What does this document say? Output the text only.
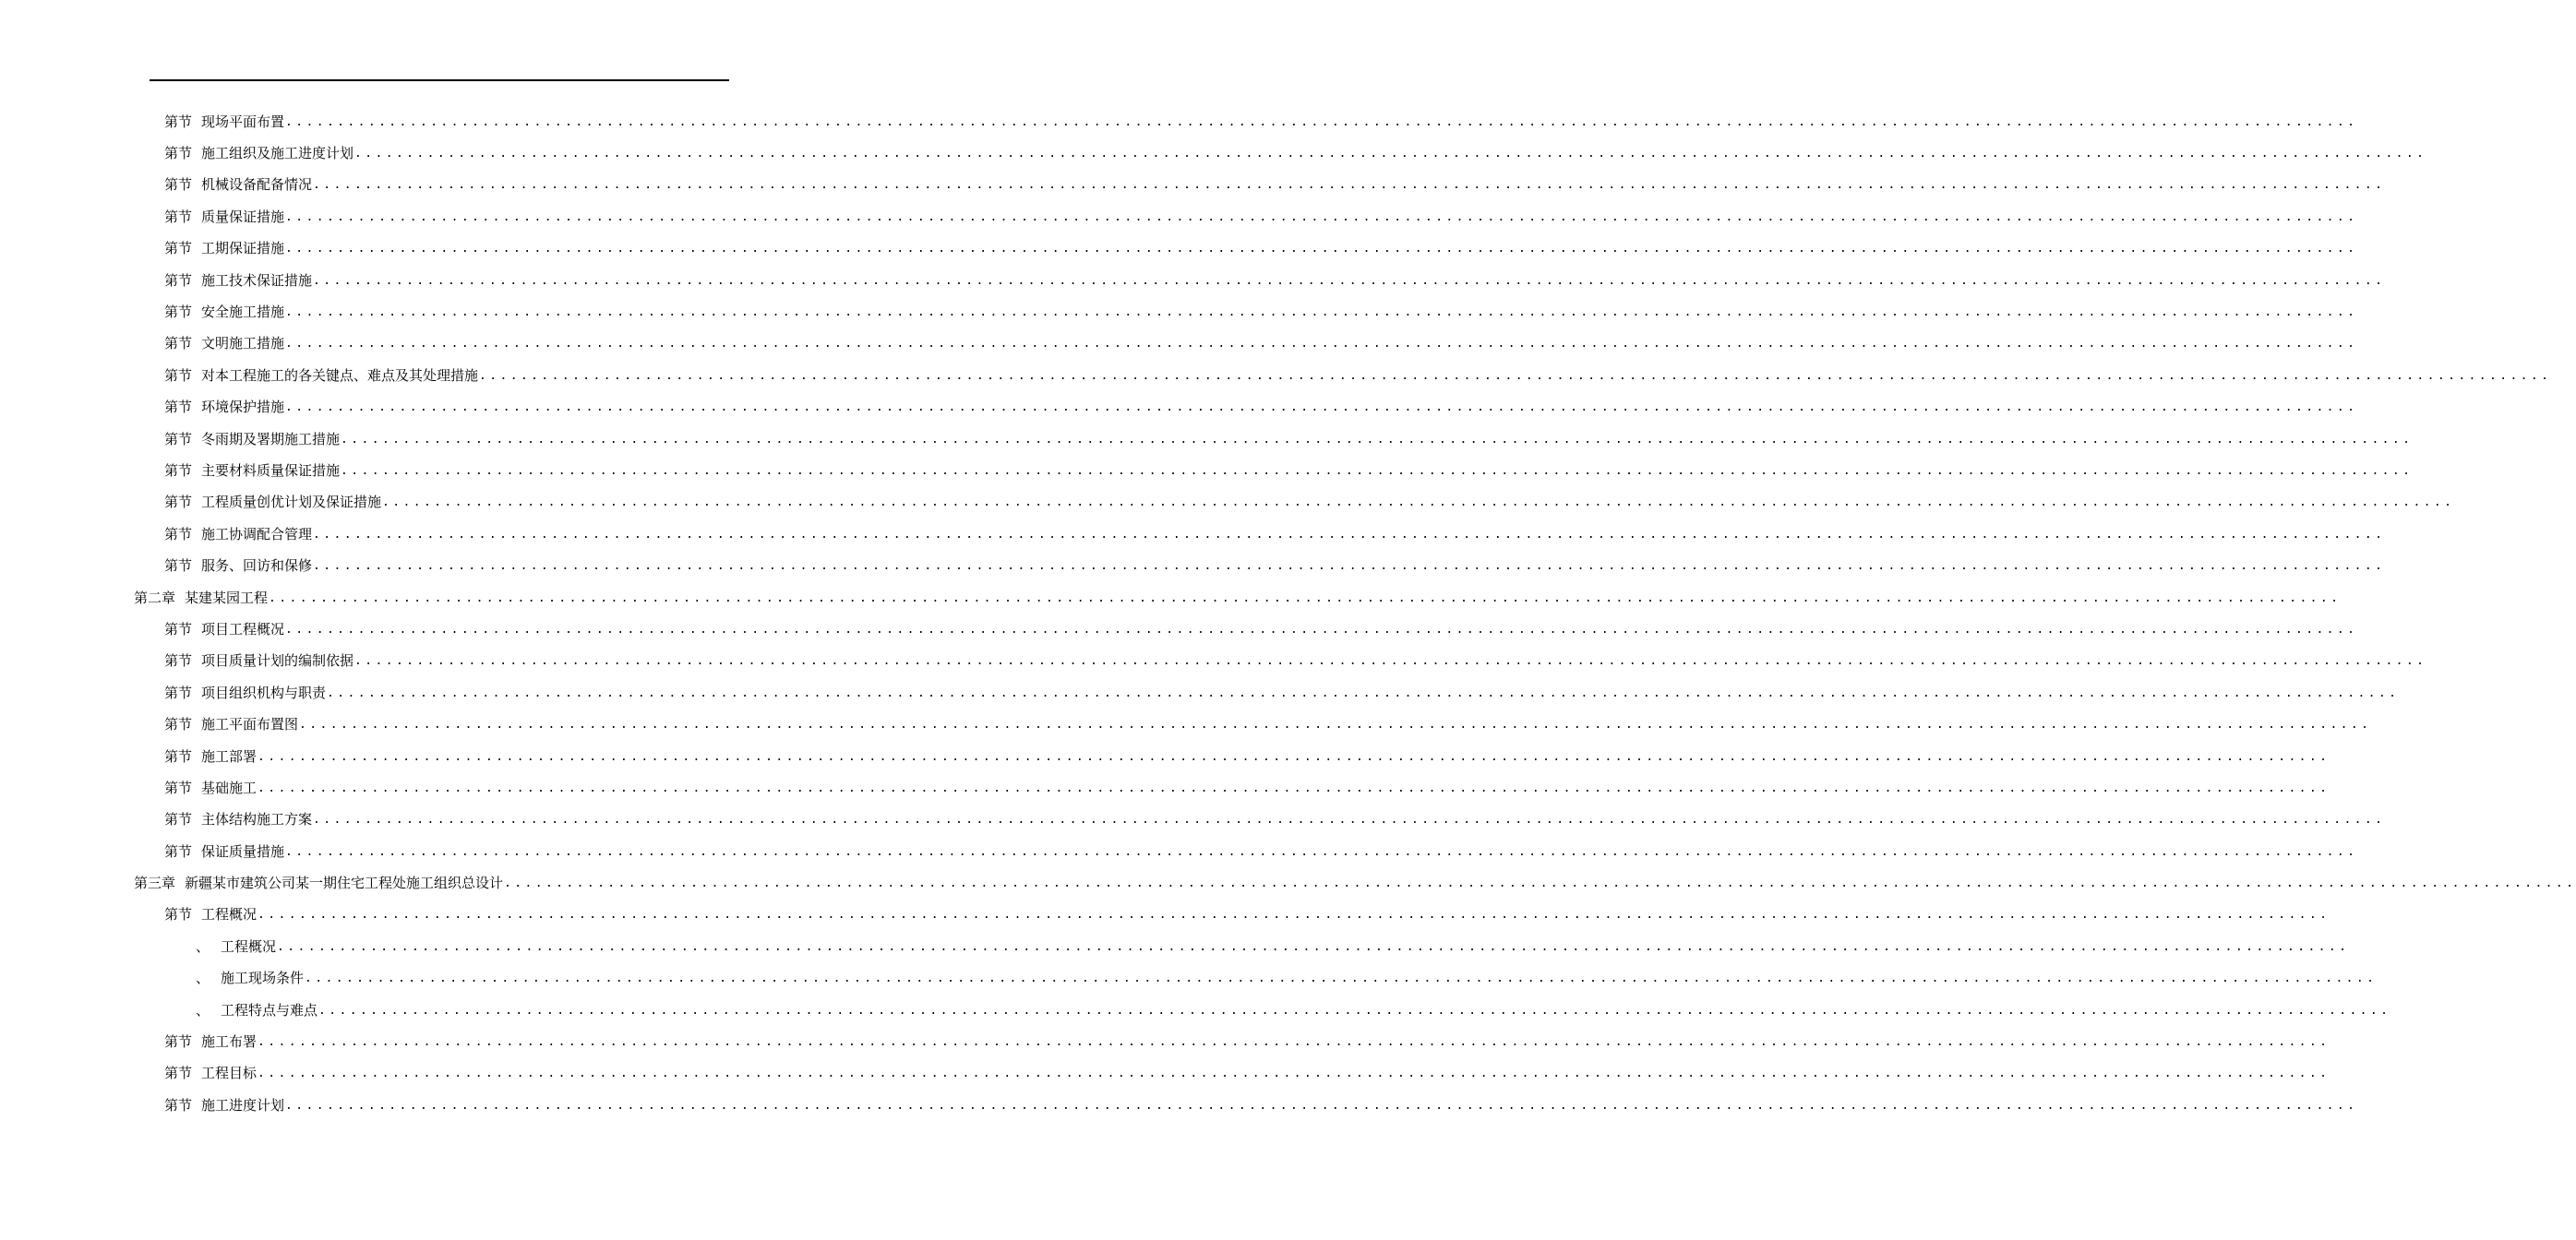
第节 现场平面布置 ........................................................................................................................................................................................................
第节 施工组织及施工进度计划 ........................................................................................................................................................................................................
第节 机械设备配备情况 ........................................................................................................................................................................................................
第节 质量保证措施 ........................................................................................................................................................................................................
第节 工期保证措施 ........................................................................................................................................................................................................
第节 施工技术保证措施 ........................................................................................................................................................................................................
第节 安全施工措施 ........................................................................................................................................................................................................
第节 文明施工措施 ........................................................................................................................................................................................................
第节 对本工程施工的各关键点、难点及其处理措施 ........................................................................................................................................................................................................
第节 环境保护措施 ........................................................................................................................................................................................................
第节 冬雨期及署期施工措施 ........................................................................................................................................................................................................
第节 主要材料质量保证措施 ........................................................................................................................................................................................................
第节 工程质量创优计划及保证措施 ........................................................................................................................................................................................................
第节 施工协调配合管理 ........................................................................................................................................................................................................
第节 服务、回访和保修 ........................................................................................................................................................................................................
第二章 某建某园工程 ........................................................................................................................................................................................................
第节 项目工程概况 ........................................................................................................................................................................................................
第节 项目质量计划的编制依据 ........................................................................................................................................................................................................
第节 项目组织机构与职责 ........................................................................................................................................................................................................
第节 施工平面布置图 ........................................................................................................................................................................................................
第节 施工部署 ........................................................................................................................................................................................................
第节 基础施工 ........................................................................................................................................................................................................
第节 主体结构施工方案 ........................................................................................................................................................................................................
第节 保证质量措施 ........................................................................................................................................................................................................
第三章 新疆某市建筑公司某一期住宅工程处施工组织总设计 ........................................................................................................................................................................................................
第节 工程概况 ........................................................................................................................................................................................................
、 工程概况 ........................................................................................................................................................................................................
、 施工现场条件 ........................................................................................................................................................................................................
、 工程特点与难点 ........................................................................................................................................................................................................
第节 施工布署 ........................................................................................................................................................................................................
第节 工程目标 ........................................................................................................................................................................................................
第节 施工进度计划 ........................................................................................................................................................................................................
